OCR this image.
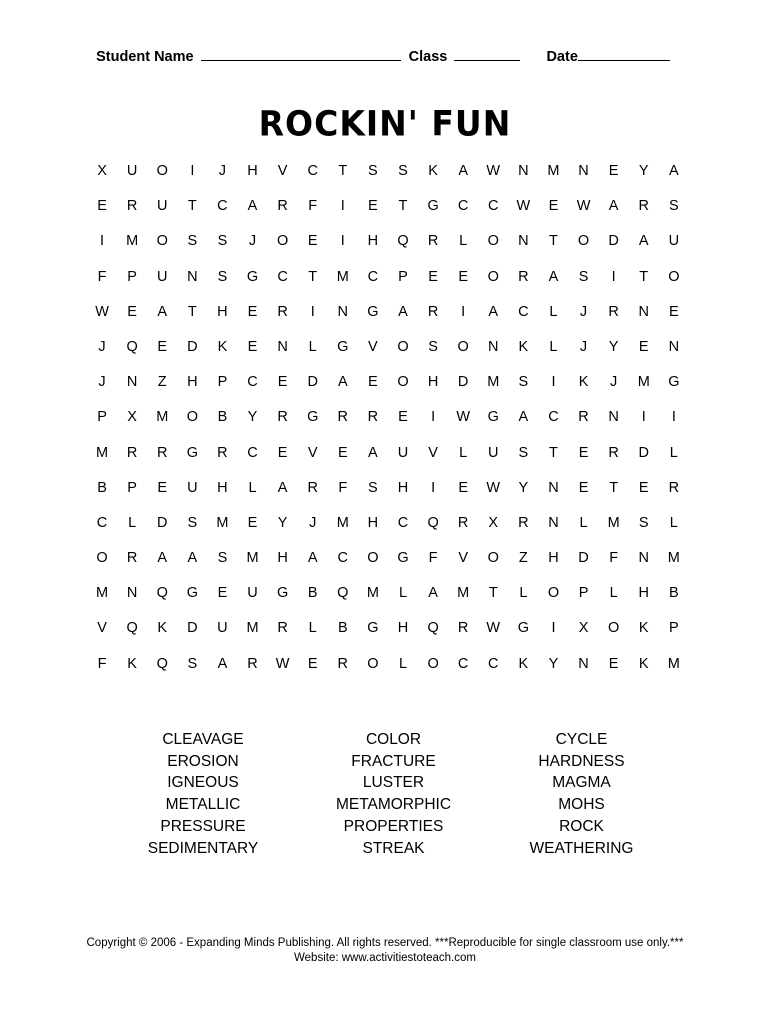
Student Name	Class	Date
ROCKIN' FUN
X	U	O	I	J	H	V	C	T	S	S	K	A	W	N	M	N	E	Y	A
E	R	U	T	C	A	R	F	I	E	T	G	C	C	W	E	W	A	R	S
I	M	O	S	S	J	O	E	I	H	Q	R	L	O	N	T	O	D	A	U
F	P	U	N	S	G	C	T	M	C	P	E	E	O	R	A	S	I	T	O
W	E	A	T	H	E	R	I	N	G	A	R	I	A	C	L	J	R	N	E
J	Q	E	D	K	E	N	L	G	V	O	S	O	N	K	L	J	Y	E	N
J	N	Z	H	P	C	E	D	A	E	O	H	D	M	S	I	K	J	M	G
P	X	M	O	B	Y	R	G	R	R	E	I	W	G	A	C	R	N	I	I
M	R	R	G	R	C	E	V	E	A	U	V	L	U	S	T	E	R	D	L
B	P	E	U	H	L	A	R	F	S	H	I	E	W	Y	N	E	T	E	R
C	L	D	S	M	E	Y	J	M	H	C	Q	R	X	R	N	L	M	S	L
O	R	A	A	S	M	H	A	C	O	G	F	V	O	Z	H	D	F	N	M
M	N	Q	G	E	U	G	B	Q	M	L	A	M	T	L	O	P	L	H	B
V	Q	K	D	U	M	R	L	B	G	H	Q	R	W	G	I	X	O	K	P
F	K	Q	S	A	R	W	E	R	O	L	O	C	C	K	Y	N	E	K	M
CLEAVAGE
EROSION
IGNEOUS
METALLIC
PRESSURE
SEDIMENTARY
COLOR
FRACTURE
LUSTER
METAMORPHIC
PROPERTIES
STREAK
CYCLE
HARDNESS
MAGMA
MOHS
ROCK
WEATHERING
Copyright © 2006 - Expanding Minds Publishing. All rights reserved. ***Reproducible for single classroom use only.***
Website: www.activitiestoteach.com
